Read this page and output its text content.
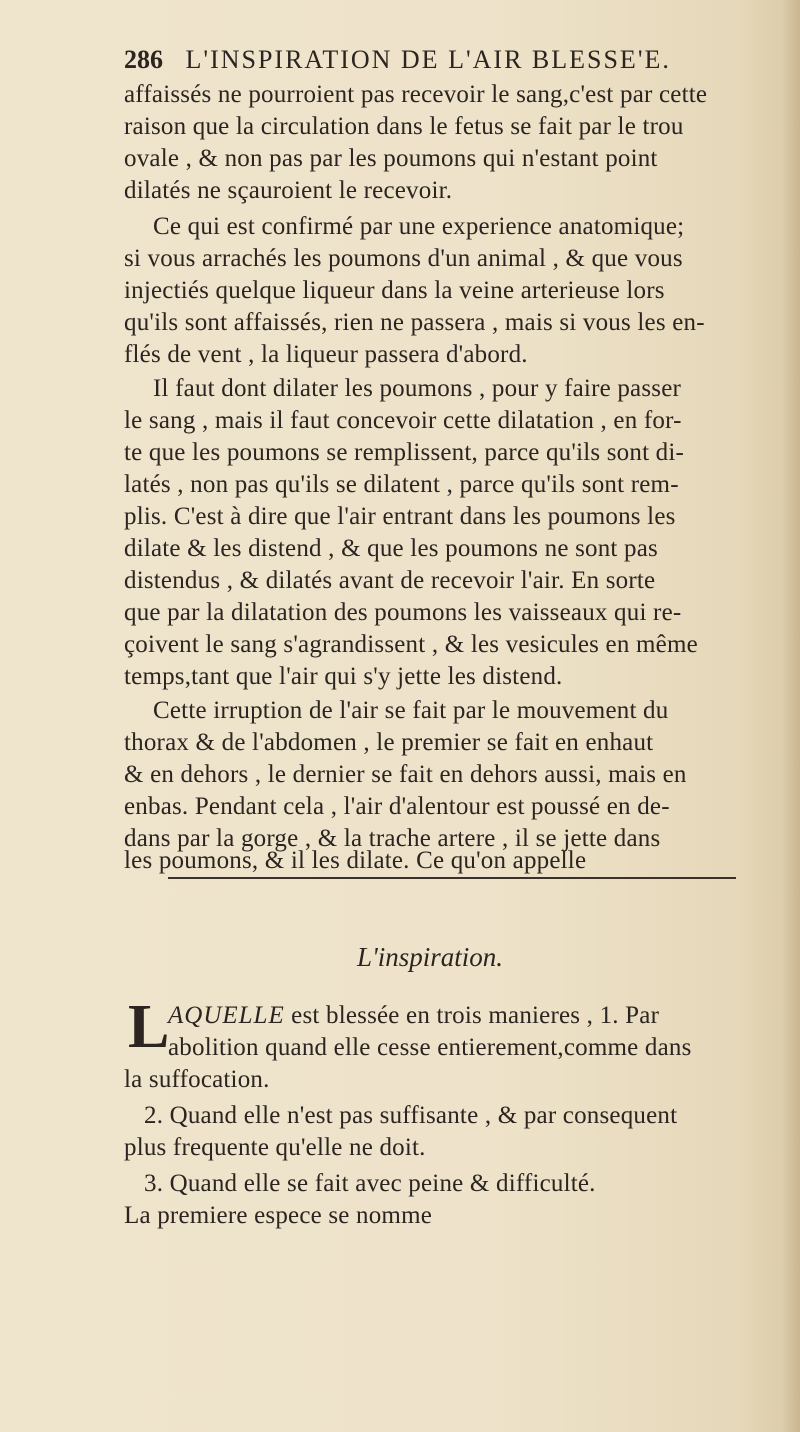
286 L'INSPIRATION DE L'AIR BLESSE'E.
affaissés ne pourroient pas recevoir le sang,c'est par cette
raison que la circulation dans le fetus se fait par le trou
ovale , & non pas par les poumons qui n'estant point
dilatés ne sçauroient le recevoir.
Ce qui est confirmé par une experience anatomique;
si vous arrachés les poumons d'un animal , & que vous
injectiés quelque liqueur dans la veine arterieuse lors
qu'ils sont affaissés, rien ne passera , mais si vous les en-
flés de vent , la liqueur passera d'abord.
Il faut dont dilater les poumons , pour y faire passer
le sang , mais il faut concevoir cette dilatation , en for-
te que les poumons se remplissent, parce qu'ils sont di-
latés , non pas qu'ils se dilatent , parce qu'ils sont rem-
plis. C'est à dire que l'air entrant dans les poumons les
dilate & les distend , & que les poumons ne sont pas
distendus , & dilatés avant de recevoir l'air. En sorte
que par la dilatation des poumons les vaisseaux qui re-
çoivent le sang s'agrandissent , & les vesicules en même
temps,tant que l'air qui s'y jette les distend.
Cette irruption de l'air se fait par le mouvement du
thorax & de l'abdomen , le premier se fait en enhaut
& en dehors , le dernier se fait en dehors aussi, mais en
enbas. Pendant cela , l'air d'alentour est poussé en de-
dans par la gorge , & la trache artere , il se jette dans
les poumons, & il les dilate. Ce qu'on appelle
L'inspiration.
L
AQUELLE est blessée en trois manieres , 1. Par
abolition quand elle cesse entierement,comme dans
la suffocation.
2. Quand elle n'est pas suffisante , & par consequent
plus frequente qu'elle ne doit.
3. Quand elle se fait avec peine & difficulté.
La premiere espece se nomme
